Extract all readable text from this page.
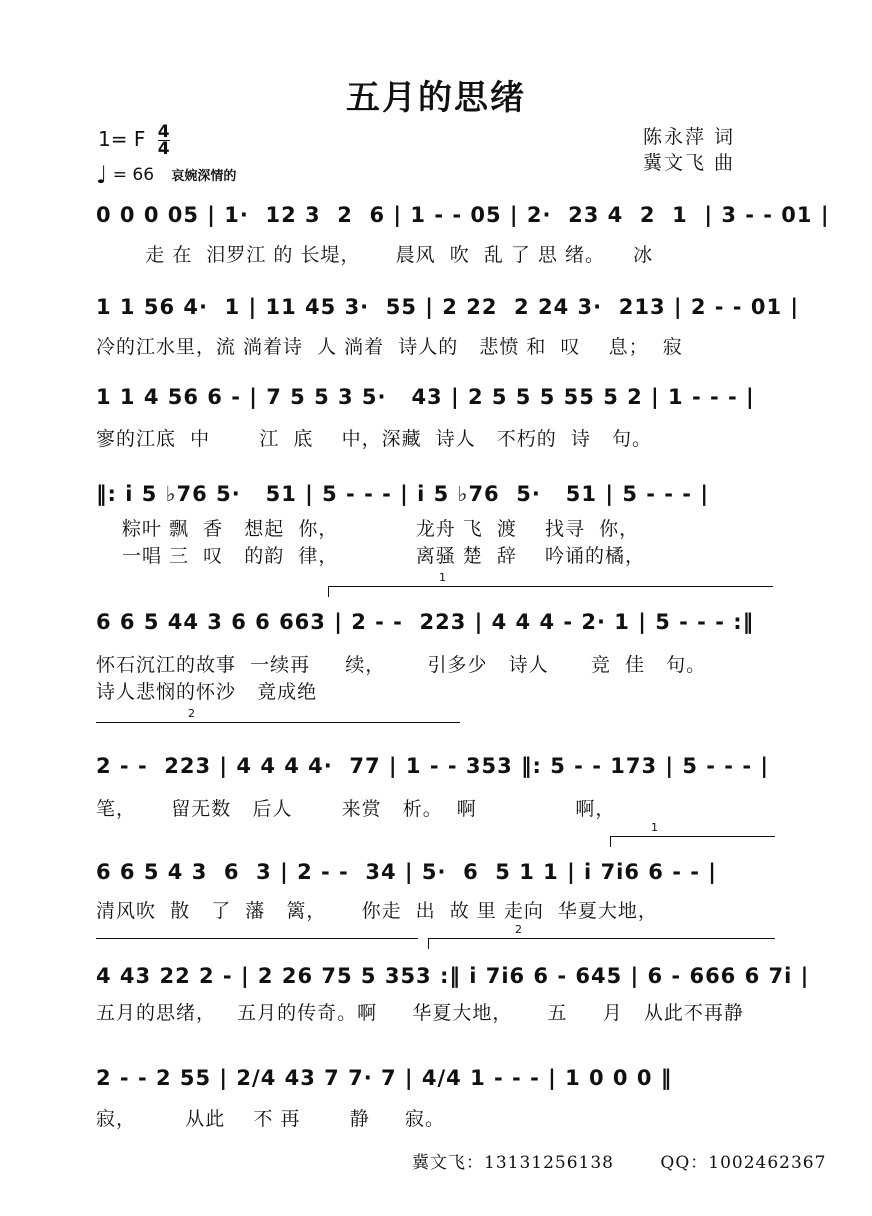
五月的思绪
1= F $\frac{4}{4}$
♩ = 66 哀婉深情的
陈永萍 词
冀文飞 曲
0 0 0 05 | 1·  12 3  2  6 | 1 - - 05 | 2·  23 4  2  1  | 3 - - 01 |
走 在  汨罗江 的 长堤，     晨风  吹  乱 了 思 绪。    冰
1 1 56 4·  1 | 11 45 3·  55 | 2 22  2 24 3·  213 | 2 - - 01 |
冷的江水里，流 淌着诗  人 淌着  诗人的   悲愤 和  叹    息；  寂
1 1 4 56 6 - | 7 5 5 3 5·   43 | 2 5 5 5 55 5 2 | 1 - - - |
寥的江底  中       江  底    中，深藏  诗人   不朽的  诗   句。
‖: i 5 ♭76 5·   51 | 5 - - - | i 5 ♭76  5·   51 | 5 - - - |
粽叶 飘  香   想起  你，           龙舟 飞  渡    找寻  你，
一唱 三  叹   的韵  律，           离骚 楚  辞    吟诵的橘，
1
6 6 5 44 3 6 6 663 | 2 - -  223 | 4 4 4 - 2· 1 | 5 - - - :‖
怀石沉江的故事  一续再     续，      引多少   诗人      竞  佳   句。
诗人悲悯的怀沙   竟成绝
2
2 - -  223 | 4 4 4 4·  77 | 1 - - 353 ‖: 5 - - 173 | 5 - - - |
笔，     留无数   后人       来赏   析。  啊              啊，
1
6 6 5 4 3  6  3 | 2 - -  34 | 5·  6  5 1 1 | i 7i6 6 - - |
清风吹  散   了  藩   篱，     你走  出  故 里 走向  华夏大地，
2
4 43 22 2 - | 2 26 75 5 353 :‖ i 7i6 6 - 645 | 6 - 666 6 7i |
五月的思绪，   五月的传奇。啊     华夏大地，     五     月   从此不再静
2 - - 2 55 | 2/4 43 7 7· 7 | 4/4 1 - - - | 1 0 0 0 ‖
寂，       从此    不 再       静     寂。
冀文飞：13131256138	QQ：1002462367
